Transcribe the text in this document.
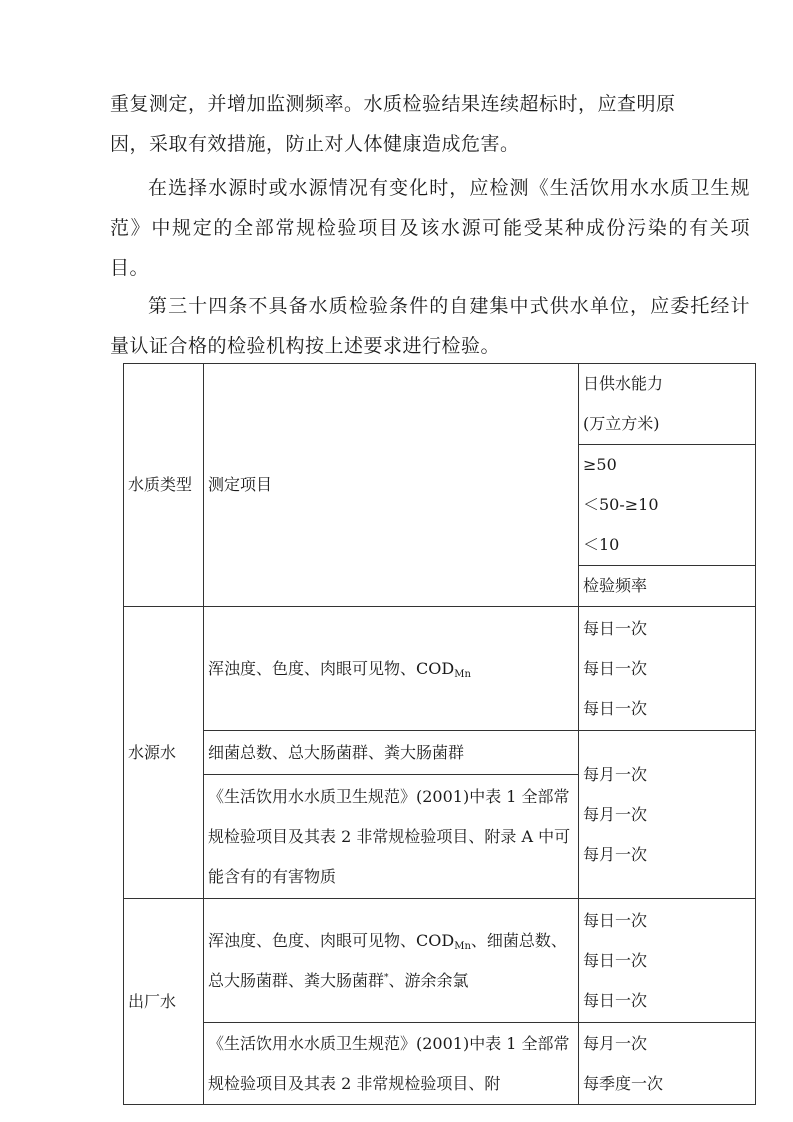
重复测定，并增加监测频率。水质检验结果连续超标时，应查明原
因，采取有效措施，防止对人体健康造成危害。

在选择水源时或水源情况有变化时，应检测《生活饮用水水质卫生规范》中规定的全部常规检验项目及该水源可能受某种成份污染的有关项目。

第三十四条不具备水质检验条件的自建集中式供水单位，应委托经计量认证合格的检验机构按上述要求进行检验。

水质类型	测定项目	日供水能力
(万立方米)

		≥50
＜50-≥10
＜10

		检验频率
水源水	浑浊度、色度、肉眼可见物、$COD_{Mn}$	每日一次
每日一次
每日一次

	细菌总数、总大肠菌群、粪大肠菌群	每月一次
每月一次
每月一次

	《生活饮用水水质卫生规范》(2001)中表 1 全部常规检验项目及其表 2 非常规检验项目、附录 A 中可能含有的有害物质	
出厂水	浑浊度、色度、肉眼可见物、$COD_{Mn}$、细菌总数、总大肠菌群、粪大肠菌群*、游余余氯	每日一次
每日一次
每日一次

	《生活饮用水水质卫生规范》(2001)中表 1 全部常规检验项目及其表 2 非常规检验项目、附	每月一次
每季度一次
